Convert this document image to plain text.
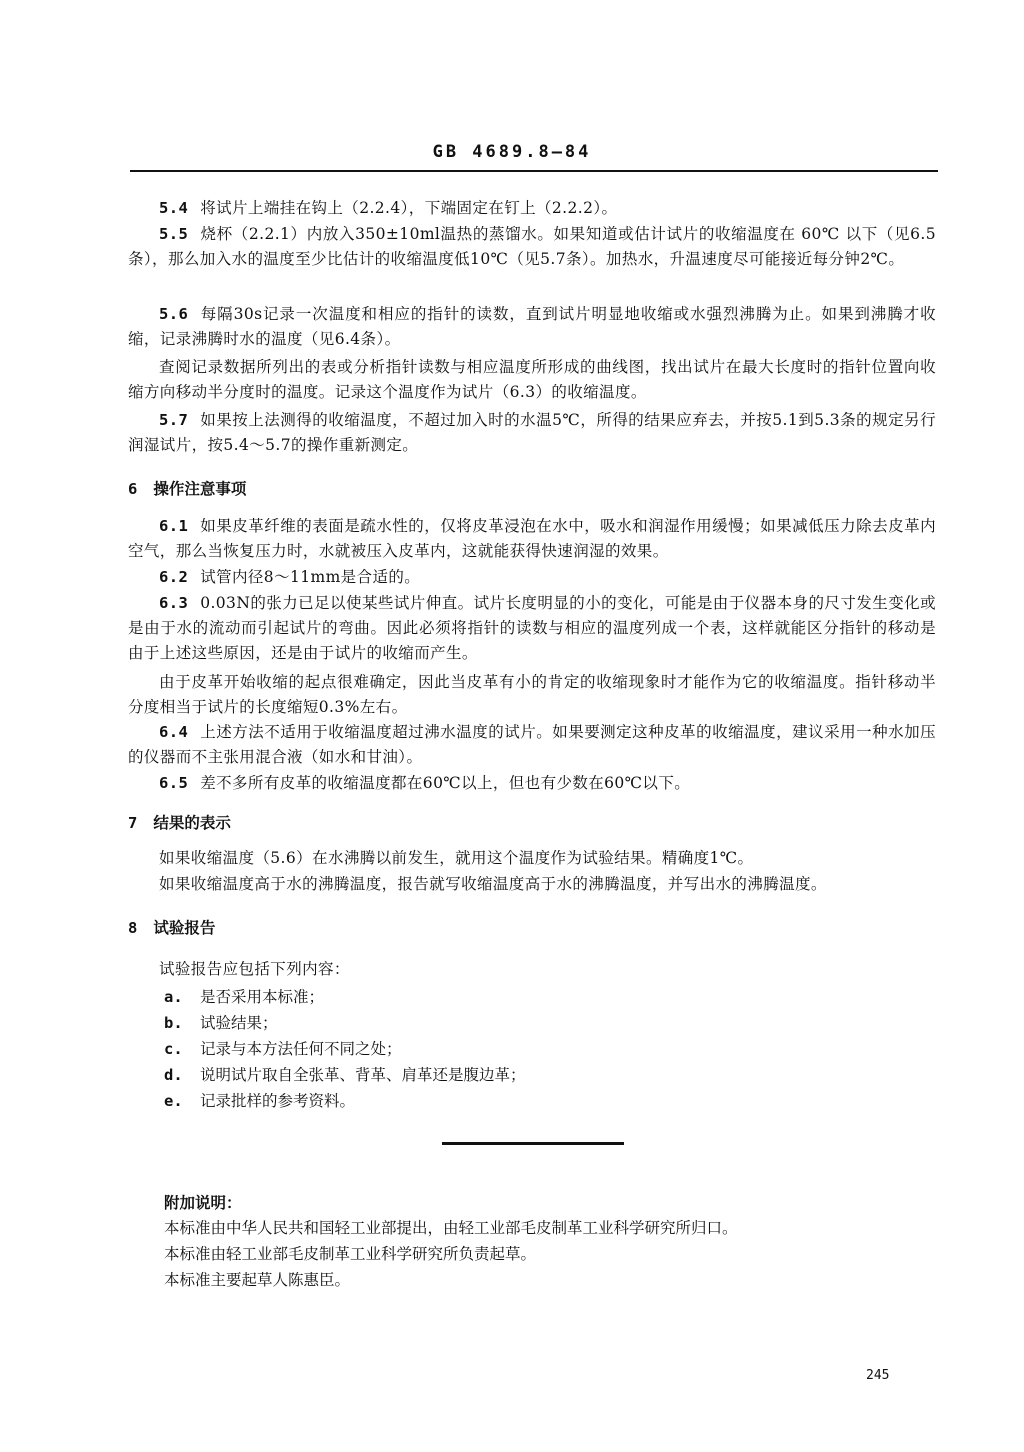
GB 4689.8—84

5.4 将试片上端挂在钩上（2.2.4），下端固定在钉上（2.2.2）。

5.5 烧杯（2.2.1）内放入350±10ml温热的蒸馏水。如果知道或估计试片的收缩温度在 60℃ 以下（见6.5条），那么加入水的温度至少比估计的收缩温度低10℃（见5.7条）。加热水，升温速度尽可能接近每分钟2℃。

5.6 每隔30s记录一次温度和相应的指针的读数，直到试片明显地收缩或水强烈沸腾为止。如果到沸腾才收缩，记录沸腾时水的温度（见6.4条）。

查阅记录数据所列出的表或分析指针读数与相应温度所形成的曲线图，找出试片在最大长度时的指针位置向收缩方向移动半分度时的温度。记录这个温度作为试片（6.3）的收缩温度。

5.7 如果按上法测得的收缩温度，不超过加入时的水温5℃，所得的结果应弃去，并按5.1到5.3条的规定另行润湿试片，按5.4～5.7的操作重新测定。

6 操作注意事项

6.1 如果皮革纤维的表面是疏水性的，仅将皮革浸泡在水中，吸水和润湿作用缓慢；如果减低压力除去皮革内空气，那么当恢复压力时，水就被压入皮革内，这就能获得快速润湿的效果。

6.2 试管内径8～11mm是合适的。

6.3 0.03N的张力已足以使某些试片伸直。试片长度明显的小的变化，可能是由于仪器本身的尺寸发生变化或是由于水的流动而引起试片的弯曲。因此必须将指针的读数与相应的温度列成一个表，这样就能区分指针的移动是由于上述这些原因，还是由于试片的收缩而产生。

由于皮革开始收缩的起点很难确定，因此当皮革有小的肯定的收缩现象时才能作为它的收缩温度。指针移动半分度相当于试片的长度缩短0.3%左右。

6.4 上述方法不适用于收缩温度超过沸水温度的试片。如果要测定这种皮革的收缩温度，建议采用一种水加压的仪器而不主张用混合液（如水和甘油）。

6.5 差不多所有皮革的收缩温度都在60℃以上，但也有少数在60℃以下。

7 结果的表示

如果收缩温度（5.6）在水沸腾以前发生，就用这个温度作为试验结果。精确度1℃。

如果收缩温度高于水的沸腾温度，报告就写收缩温度高于水的沸腾温度，并写出水的沸腾温度。

8 试验报告

试验报告应包括下列内容：

a. 是否采用本标准；
b. 试验结果；
c. 记录与本方法任何不同之处；
d. 说明试片取自全张革、背革、肩革还是腹边革；
e. 记录批样的参考资料。
附加说明：
本标准由中华人民共和国轻工业部提出，由轻工业部毛皮制革工业科学研究所归口。
本标准由轻工业部毛皮制革工业科学研究所负责起草。
本标准主要起草人陈惠臣。
245
